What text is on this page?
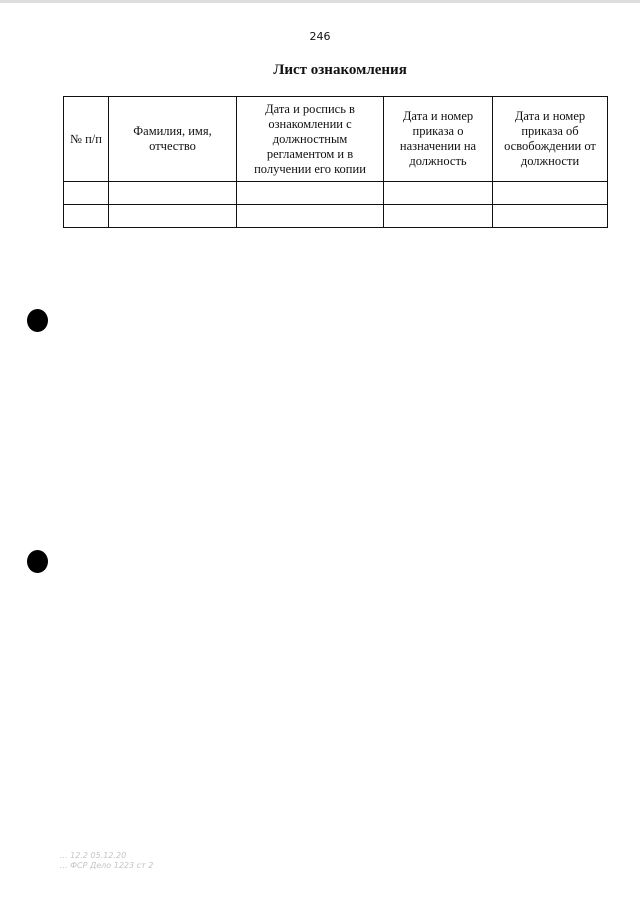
246
Лист ознакомления
№ п/п	Фамилия, имя, отчество	Дата и роспись в ознакомлении с должностным регламентом и в получении его копии	Дата и номер приказа о назначении на должность	Дата и номер приказа об освобождении от должности

... 12.2 05.12.20
... ФСР Дело 1223 ст 2
